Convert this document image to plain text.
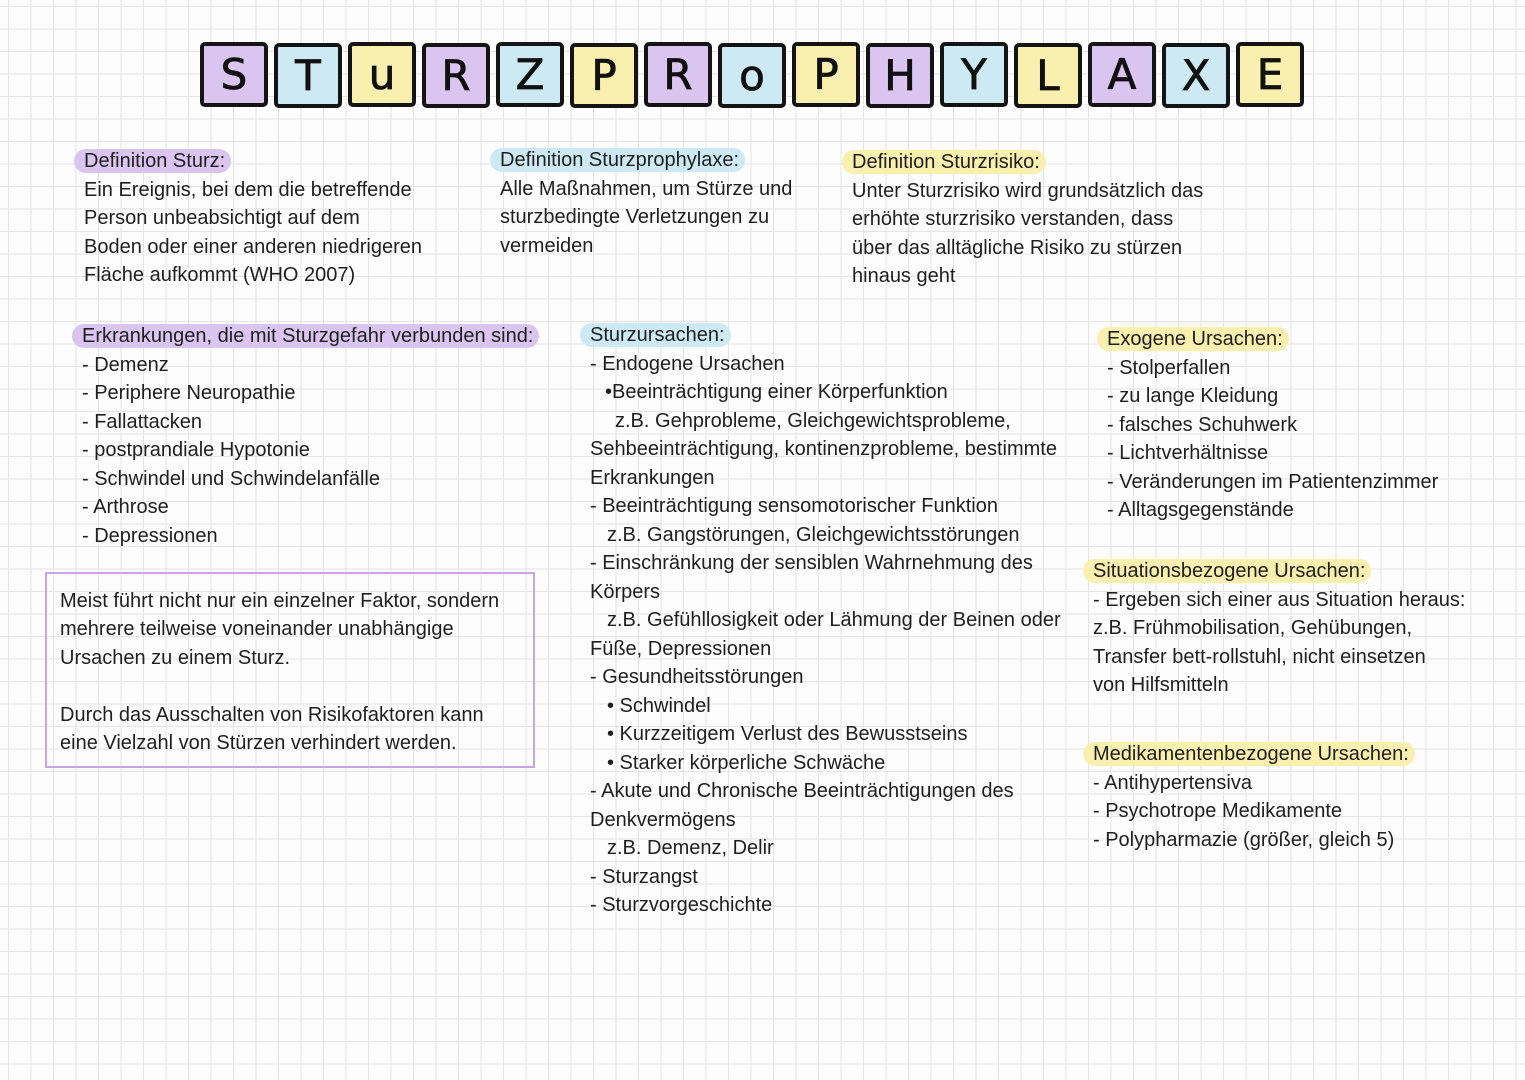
S	T	u	R	Z	P	R	o	P	H	Y	L	A	X	E
Definition Sturz:
Ein Ereignis, bei dem die betreffende
Person unbeabsichtigt auf dem
Boden oder einer anderen niedrigeren
Fläche aufkommt (WHO 2007)
Definition Sturzprophylaxe:
Alle Maßnahmen, um Stürze und
sturzbedingte Verletzungen zu
vermeiden
Definition Sturzrisiko:
Unter Sturzrisiko wird grundsätzlich das
erhöhte sturzrisiko verstanden, dass
über das alltägliche Risiko zu stürzen
hinaus geht
Erkrankungen, die mit Sturzgefahr verbunden sind:
- Demenz
- Periphere Neuropathie
- Fallattacken
- postprandiale Hypotonie
- Schwindel und Schwindelanfälle
- Arthrose
- Depressionen
Meist führt nicht nur ein einzelner Faktor, sondern
mehrere teilweise voneinander unabhängige
Ursachen zu einem Sturz.
Durch das Ausschalten von Risikofaktoren kann
eine Vielzahl von Stürzen verhindert werden.
Sturzursachen:
- Endogene Ursachen
•Beeinträchtigung einer Körperfunktion
z.B. Gehprobleme, Gleichgewichtsprobleme,
Sehbeeinträchtigung, kontinenzprobleme, bestimmte
Erkrankungen
- Beeinträchtigung sensomotorischer Funktion
z.B. Gangstörungen, Gleichgewichtsstörungen
- Einschränkung der sensiblen Wahrnehmung des
Körpers
z.B. Gefühllosigkeit oder Lähmung der Beinen oder
Füße, Depressionen
- Gesundheitsstörungen
• Schwindel
• Kurzzeitigem Verlust des Bewusstseins
• Starker körperliche Schwäche
- Akute und Chronische Beeinträchtigungen des
Denkvermögens
z.B. Demenz, Delir
- Sturzangst
- Sturzvorgeschichte
Exogene Ursachen:
- Stolperfallen
- zu lange Kleidung
- falsches Schuhwerk
- Lichtverhältnisse
- Veränderungen im Patientenzimmer
- Alltagsgegenstände
Situationsbezogene Ursachen:
- Ergeben sich einer aus Situation heraus:
z.B. Frühmobilisation, Gehübungen,
Transfer bett-rollstuhl, nicht einsetzen
von Hilfsmitteln
Medikamentenbezogene Ursachen:
- Antihypertensiva
- Psychotrope Medikamente
- Polypharmazie (größer, gleich 5)
